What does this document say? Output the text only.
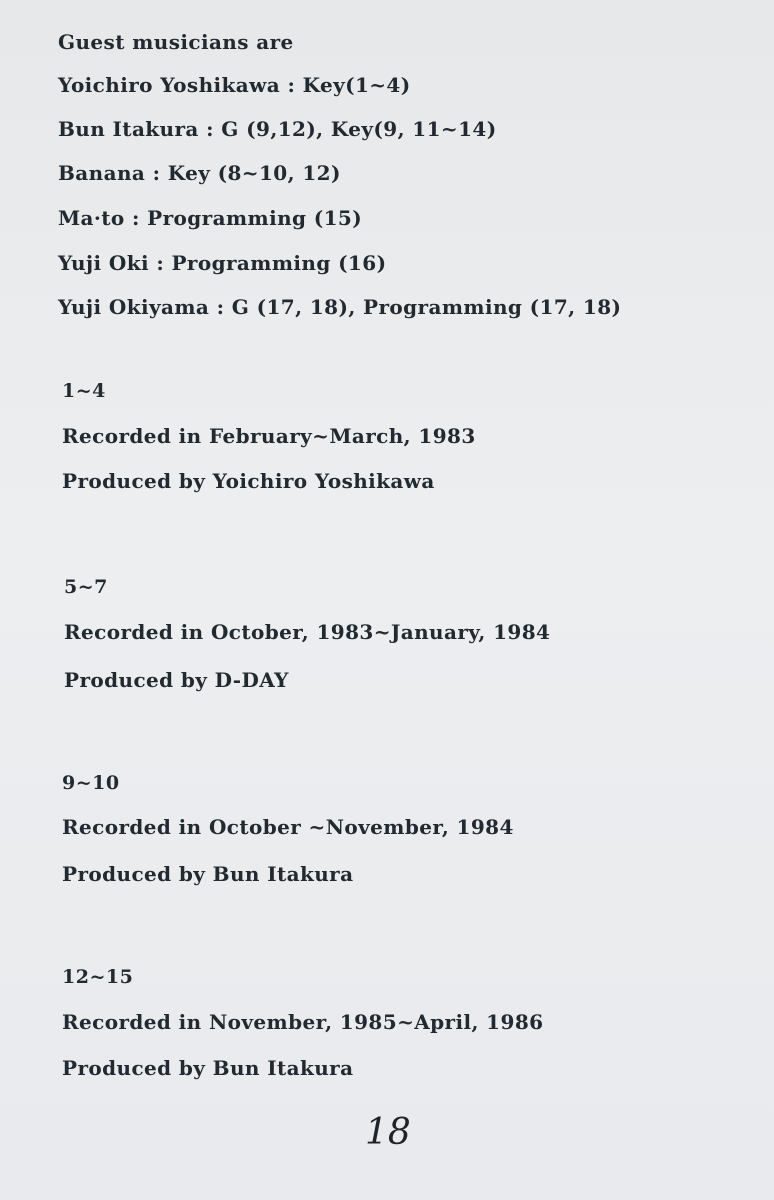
Guest musicians are
Yoichiro Yoshikawa : Key(1~4)
Bun Itakura : G (9,12), Key(9, 11~14)
Banana : Key (8~10, 12)
Ma·to : Programming (15)
Yuji Oki : Programming (16)
Yuji Okiyama : G (17, 18), Programming (17, 18)
1~4
Recorded in February~March, 1983
Produced by Yoichiro Yoshikawa
5~7
Recorded in October, 1983~January, 1984
Produced by D-DAY
9~10
Recorded in October ~November, 1984
Produced by Bun Itakura
12~15
Recorded in November, 1985~April, 1986
Produced by Bun Itakura
18
